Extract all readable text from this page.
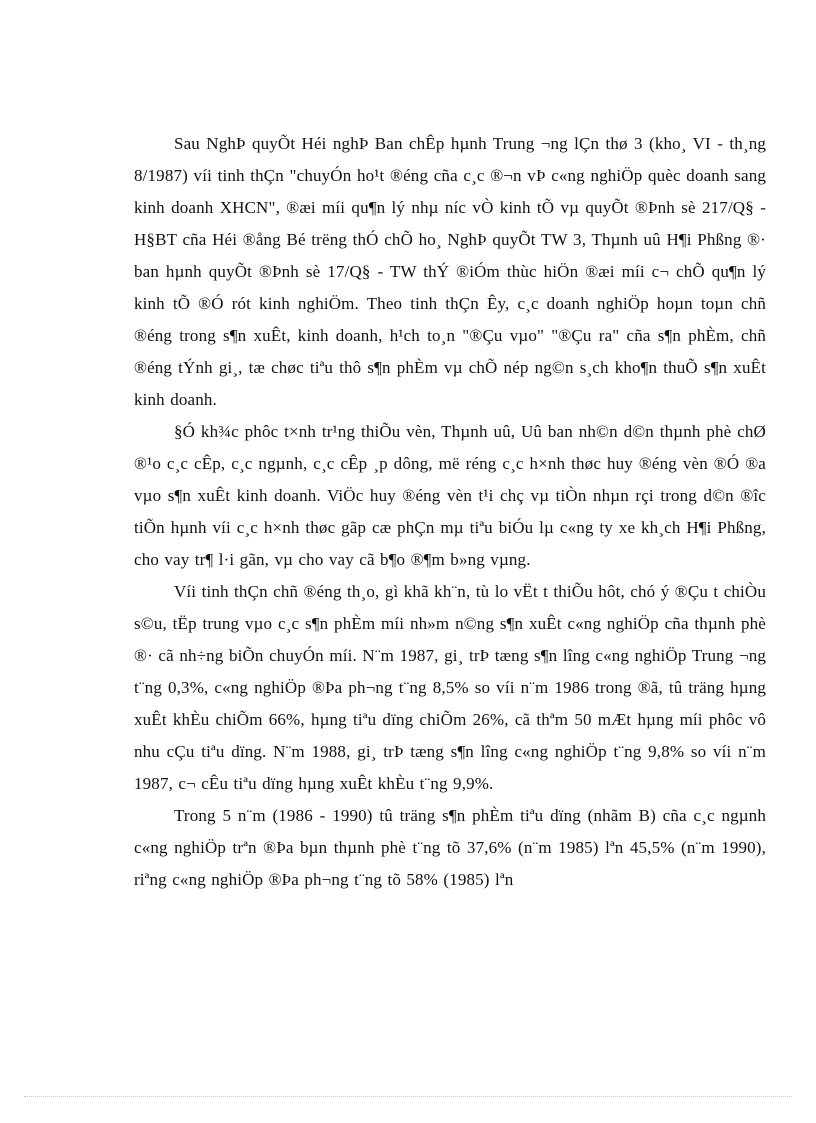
Sau NghÞ quyÕt Héi nghÞ Ban chÊp hµnh Trung ¬ng lÇn thø 3 (kho¸ VI - th¸ng 8/1987) víi tinh thÇn "chuyÓn ho¹t ®éng cña c¸c ®¬n vÞ c«ng nghiÖp quèc doanh sang kinh doanh XHCN", ®æi míi qu¶n lý nhµ níc vÒ kinh tÕ vµ quyÕt ®Þnh sè 217/Q§ - H§BT cña Héi ®ång Bé trëng thÓ chÕ ho¸ NghÞ quyÕt TW 3, Thµnh uû H¶i Phßng ®· ban hµnh quyÕt ®Þnh sè 17/Q§ - TW thÝ ®iÓm thùc hiÖn ®æi míi c¬ chÕ qu¶n lý kinh tÕ ®Ó rót kinh nghiÖm. Theo tinh thÇn Êy, c¸c doanh nghiÖp hoµn toµn chñ ®éng trong s¶n xuÊt, kinh doanh, h¹ch to¸n "®Çu vµo" "®Çu ra" cña s¶n phÈm, chñ ®éng tÝnh gi¸, tæ chøc tiªu thô s¶n phÈm vµ chÕ nép ng©n s¸ch kho¶n thuÕ s¶n xuÊt kinh doanh.

§Ó kh¾c phôc t×nh tr¹ng thiÕu vèn, Thµnh uû, Uû ban nh©n d©n thµnh phè chØ ®¹o c¸c cÊp, c¸c ngµnh, c¸c cÊp ¸p dông, më réng c¸c h×nh thøc huy ®éng vèn ®Ó ®a vµo s¶n xuÊt kinh doanh. ViÖc huy ®éng vèn t¹i chç vµ tiÒn nhµn rçi trong d©n ®îc tiÕn hµnh víi c¸c h×nh thøc gãp cæ phÇn mµ tiªu biÓu lµ c«ng ty xe kh¸ch H¶i Phßng, cho vay tr¶ l·i gãn, vµ cho vay cã b¶o ®¶m b»ng vµng.

Víi tinh thÇn chñ ®éng th¸o, gì khã kh¨n, tù lo vËt t thiÕu hôt, chó ý ®Çu t chiÒu s©u, tËp trung vµo c¸c s¶n phÈm míi nh»m n©ng s¶n xuÊt c«ng nghiÖp cña thµnh phè ®· cã nh÷ng biÕn chuyÓn míi. N¨m 1987, gi¸ trÞ tæng s¶n lîng c«ng nghiÖp Trung ¬ng t¨ng 0,3%, c«ng nghiÖp ®Þa ph¬ng t¨ng 8,5% so víi n¨m 1986 trong ®ã, tû träng hµng xuÊt khÈu chiÕm 66%, hµng tiªu dïng chiÕm 26%, cã thªm 50 mÆt hµng míi phôc vô nhu cÇu tiªu dïng. N¨m 1988, gi¸ trÞ tæng s¶n lîng c«ng nghiÖp t¨ng 9,8% so víi n¨m 1987, c¬ cÊu tiªu dïng hµng xuÊt khÈu t¨ng 9,9%.

Trong 5 n¨m (1986 - 1990) tû träng s¶n phÈm tiªu dïng (nhãm B) cña c¸c ngµnh c«ng nghiÖp trªn ®Þa bµn thµnh phè t¨ng tõ 37,6% (n¨m 1985) lªn 45,5% (n¨m 1990), riªng c«ng nghiÖp ®Þa ph¬ng t¨ng tõ 58% (1985) lªn
